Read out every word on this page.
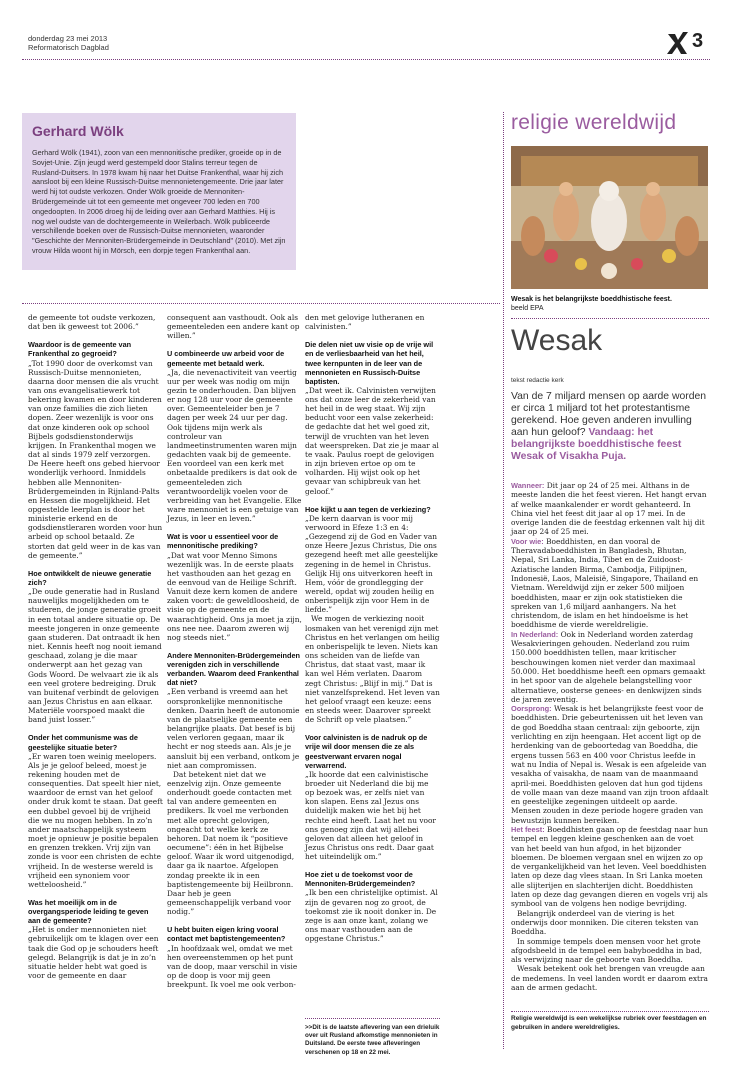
donderdag 23 mei 2013
Reformatorisch Dagblad	3
Gerhard Wölk
Gerhard Wölk (1941), zoon van een mennonitische prediker, groeide op in de Sovjet-Unie. Zijn jeugd werd gestempeld door Stalins terreur tegen de Rusland-Duitsers. In 1978 kwam hij naar het Duitse Frankenthal, waar hij zich aansloot bij een kleine Russisch-Duitse mennonietengemeente. Drie jaar later werd hij tot oudste verkozen. Onder Wölk groeide de Mennoniten-Brüdergemeinde uit tot een gemeente met ongeveer 700 leden en 700 ongedoopten. In 2006 droeg hij de leiding over aan Gerhard Matthies. Hij is nog wel oudste van de dochtergemeente in Weilerbach. Wölk publiceerde verschillende boeken over de Russisch-Duitse mennonieten, waaronder "Geschichte der Mennoniten-Brüdergemeinde in Deutschland" (2010). Met zijn vrouw Hilda woont hij in Mörsch, een dorpje tegen Frankenthal aan.

de gemeente tot oudste verkozen, dat ben ik geweest tot 2006.”

Waardoor is de gemeente van Frankenthal zo gegroeid?

„Tot 1990 door de overkomst van Russisch-Duitse mennonieten, daarna door mensen die als vrucht van ons evangelisatiewerk tot bekering kwamen en door kinderen van onze families die zich lieten dopen. Zeer wezenlijk is voor ons dat onze kinderen ook op school Bijbels godsdienstonderwijs krijgen. In Frankenthal mogen we dat al sinds 1979 zelf verzorgen. De Heere heeft ons gebed hiervoor wonderlijk verhoord. Inmiddels hebben alle Mennoniten-Brüdergemeinden in Rijnland-Palts en Hessen die mogelijkheid. Het opgestelde leerplan is door het ministerie erkend en de godsdienstleraren worden voor hun arbeid op school betaald. Ze storten dat geld weer in de kas van de gemeente.”

Hoe ontwikkelt de nieuwe generatie zich?

„De oude generatie had in Rusland nauwelijks mogelijkheden om te studeren, de jonge generatie groeit in een totaal andere situatie op. De meeste jongeren in onze gemeente gaan studeren. Dat ontraadt ik hen niet. Kennis heeft nog nooit iemand geschaad, zolang je die maar onderwerpt aan het gezag van Gods Woord. De welvaart zie ik als een veel grotere bedreiging. Druk van buitenaf verbindt de gelovigen aan Jezus Christus en aan elkaar. Materiële voorspoed maakt die band juist losser.”

Onder het communisme was de geestelijke situatie beter?

„Er waren toen weinig meelopers. Als je je geloof beleed, moest je rekening houden met de consequenties. Dat speelt hier niet, waardoor de ernst van het geloof onder druk komt te staan. Dat geeft een dubbel gevoel bij de vrijheid die we nu mogen hebben. In zo’n ander maatschappelijk systeem moet je opnieuw je positie bepalen en grenzen trekken. Vrij zijn van zonde is voor een christen de echte vrijheid. In de westerse wereld is vrijheid een synoniem voor wetteloosheid.”

Was het moeilijk om in de overgangsperiode leiding te geven aan de gemeente?

„Het is onder mennonieten niet gebruikelijk om te klagen over een taak die God op je schouders heeft gelegd. Belangrijk is dat je in zo’n situatie helder hebt wat goed is voor de gemeente en daar

consequent aan vasthoudt. Ook als gemeenteleden een andere kant op willen.”

U combineerde uw arbeid voor de gemeente met betaald werk.

„Ja, die nevenactiviteit van veertig uur per week was nodig om mijn gezin te onderhouden. Dan blijven er nog 128 uur voor de gemeente over. Gemeenteleider ben je 7 dagen per week 24 uur per dag. Ook tijdens mijn werk als controleur van landmeetinstrumenten waren mijn gedachten vaak bij de gemeente. Een voordeel van een kerk met onbetaalde predikers is dat ook de gemeenteleden zich verantwoordelijk voelen voor de verbreiding van het Evangelie. Elke ware mennoniet is een getuige van Jezus, in leer en leven.”

Wat is voor u essentieel voor de mennonitische prediking?

„Dat wat voor Menno Simons wezenlijk was. In de eerste plaats het vasthouden aan het gezag en de eenvoud van de Heilige Schrift. Vanuit deze kern komen de andere zaken voort: de geweldloosheid, de visie op de gemeente en de waarachtigheid. Ons ja moet ja zijn, ons nee nee. Daarom zweren wij nog steeds niet.”

Andere Mennoniten-Brüdergemeinden verenigden zich in verschillende verbanden. Waarom deed Frankenthal dat niet?

„Een verband is vreemd aan het oorspronkelijke mennonitische denken. Daarin heeft de autonomie van de plaatselijke gemeente een belangrijke plaats. Dat besef is bij velen verloren gegaan, maar ik hecht er nog steeds aan. Als je je aansluit bij een verband, ontkom je niet aan compromissen.

Dat betekent niet dat we eenzelvig zijn. Onze gemeente onderhoudt goede contacten met tal van andere gemeenten en predikers. Ik voel me verbonden met alle oprecht gelovigen, ongeacht tot welke kerk ze behoren. Dat noem ik “positieve oecumene”: één in het Bijbelse geloof. Waar ik word uitgenodigd, daar ga ik naartoe. Afgelopen zondag preekte ik in een baptistengemeente bij Heilbronn. Daar heb je geen gemeenschappelijk verband voor nodig.”

U hebt buiten eigen kring vooral contact met baptistengemeenten?

„In hoofdzaak wel, omdat we met hen overeenstemmen op het punt van de doop, maar verschil in visie op de doop is voor mij geen breekpunt. Ik voel me ook verbon-

den met gelovige lutheranen en calvinisten.”

Die delen niet uw visie op de vrije wil en de verliesbaarheid van het heil, twee kernpunten in de leer van de mennonieten en Russisch-Duitse baptisten.

„Dat weet ik. Calvinisten verwijten ons dat onze leer de zekerheid van het heil in de weg staat. Wij zijn beducht voor een valse zekerheid: de gedachte dat het wel goed zit, terwijl de vruchten van het leven dat weerspreken. Dat zie je maar al te vaak. Paulus roept de gelovigen in zijn brieven ertoe op om te volharden. Hij wijst ook op het gevaar van schipbreuk van het geloof.”

Hoe kijkt u aan tegen de verkiezing?

„De kern daarvan is voor mij verwoord in Efeze 1:3 en 4: „Gezegend zij de God en Vader van onze Heere Jezus Christus, Die ons gezegend heeft met alle geestelijke zegening in de hemel in Christus. Gelijk Hij ons uitverkoren heeft in Hem, vóór de grondlegging der wereld, opdat wij zouden heilig en onberispelijk zijn voor Hem in de liefde.”

We mogen de verkiezing nooit losmaken van het verenigd zijn met Christus en het verlangen om heilig en onberispelijk te leven. Niets kan ons scheiden van de liefde van Christus, dat staat vast, maar ik kan wel Hém verlaten. Daarom zegt Christus: „Blijf in mij.” Dat is niet vanzelfsprekend. Het leven van het geloof vraagt een keuze: eens en steeds weer. Daarover spreekt de Schrift op vele plaatsen.”

Voor calvinisten is de nadruk op de vrije wil door mensen die ze als geestverwant ervaren nogal verwarrend.

„Ik hoorde dat een calvinistische broeder uit Nederland die bij me op bezoek was, er zelfs niet van kon slapen. Eens zal Jezus ons duidelijk maken wie het bij het rechte eind heeft. Laat het nu voor ons genoeg zijn dat wij allebei geloven dat alleen het geloof in Jezus Christus ons redt. Daar gaat het uiteindelijk om.”

Hoe ziet u de toekomst voor de Mennoniten-Brüdergemeinden?

„Ik ben een christelijke optimist. Al zijn de gevaren nog zo groot, de toekomst zie ik nooit donker in. De zege is aan onze kant, zolang we ons maar vasthouden aan de opgestane Christus.”

>>Dit is de laatste aflevering van een drieluik over uit Rusland afkomstige mennonieten in Duitsland. De eerste twee afleveringen verschenen op 18 en 22 mei.
religie wereldwijd
Wesak is het belangrijkste boeddhistische feest.
beeld EPA
Wesak
tekst redactie kerk
Van de 7 miljard mensen op aarde worden er circa 1 miljard tot het protestantisme gerekend. Hoe geven anderen invulling aan hun geloof? Vandaag: het belangrijkste boeddhistische feest Wesak of Visakha Puja.

Wanneer: Dit jaar op 24 of 25 mei. Althans in de meeste landen die het feest vieren. Het hangt ervan af welke maankalender er wordt gehanteerd. In China viel het feest dit jaar al op 17 mei. In de overige landen die de feestdag erkennen valt hij dit jaar op 24 of 25 mei.

Voor wie: Boeddhisten, en dan vooral de Theravadaboeddhisten in Bangladesh, Bhutan, Nepal, Sri Lanka, India, Tibet en de Zuidoost-Aziatische landen Birma, Cambodja, Filipijnen, Indonesië, Laos, Maleisië, Singapore, Thailand en Vietnam. Wereldwijd zijn er zeker 500 miljoen boeddhisten, maar er zijn ook statistieken die spreken van 1,6 miljard aanhangers. Na het christendom, de islam en het hindoeïsme is het boeddhisme de vierde wereldreligie.

In Nederland: Ook in Nederland worden zaterdag Wesakvieringen gehouden. Nederland zou ruim 150.000 boeddhisten tellen, maar kritischer beschouwingen komen niet verder dan maximaal 50.000. Het boeddhisme heeft een opmars gemaakt in het spoor van de algehele belangstelling voor alternatieve, oosterse genees- en denkwijzen sinds de jaren zeventig.

Oorsprong: Wesak is het belangrijkste feest voor de boeddhisten. Drie gebeurtenissen uit het leven van de god Boeddha staan centraal: zijn geboorte, zijn verlichting en zijn heengaan. Het accent ligt op de herdenking van de geboortedag van Boeddha, die ergens tussen 563 en 400 voor Christus leefde in wat nu India of Nepal is. Wesak is een afgeleide van vesakha of vaisakha, de naam van de maanmaand april-mei. Boeddhisten geloven dat hun god tijdens de volle maan van deze maand van zijn troon afdaalt en geestelijke zegeningen uitdeelt op aarde. Mensen zouden in deze periode hogere graden van bewustzijn kunnen bereiken.

Het feest: Boeddhisten gaan op de feestdag naar hun tempel en leggen kleine geschenken aan de voet van het beeld van hun afgod, in het bijzonder bloemen. De bloemen vergaan snel en wijzen zo op de vergankelijkheid van het leven. Veel boeddhisten laten op deze dag vlees staan. In Sri Lanka moeten alle slijterijen en slachterijen dicht. Boeddhisten laten op deze dag gevangen dieren en vogels vrij als symbool van de volgens hen nodige bevrijding.

Belangrijk onderdeel van de viering is het onderwijs door monniken. Die citeren teksten van Boeddha.

In sommige tempels doen mensen voor het grote afgodsbeeld in de tempel een babyboeddha in bad, als verwijzing naar de geboorte van Boeddha.

Wesak betekent ook het brengen van vreugde aan de medemens. In veel landen wordt er daarom extra aan de armen gedacht.

Religie wereldwijd is een wekelijkse rubriek over feestdagen en gebruiken in andere wereldreligies.
